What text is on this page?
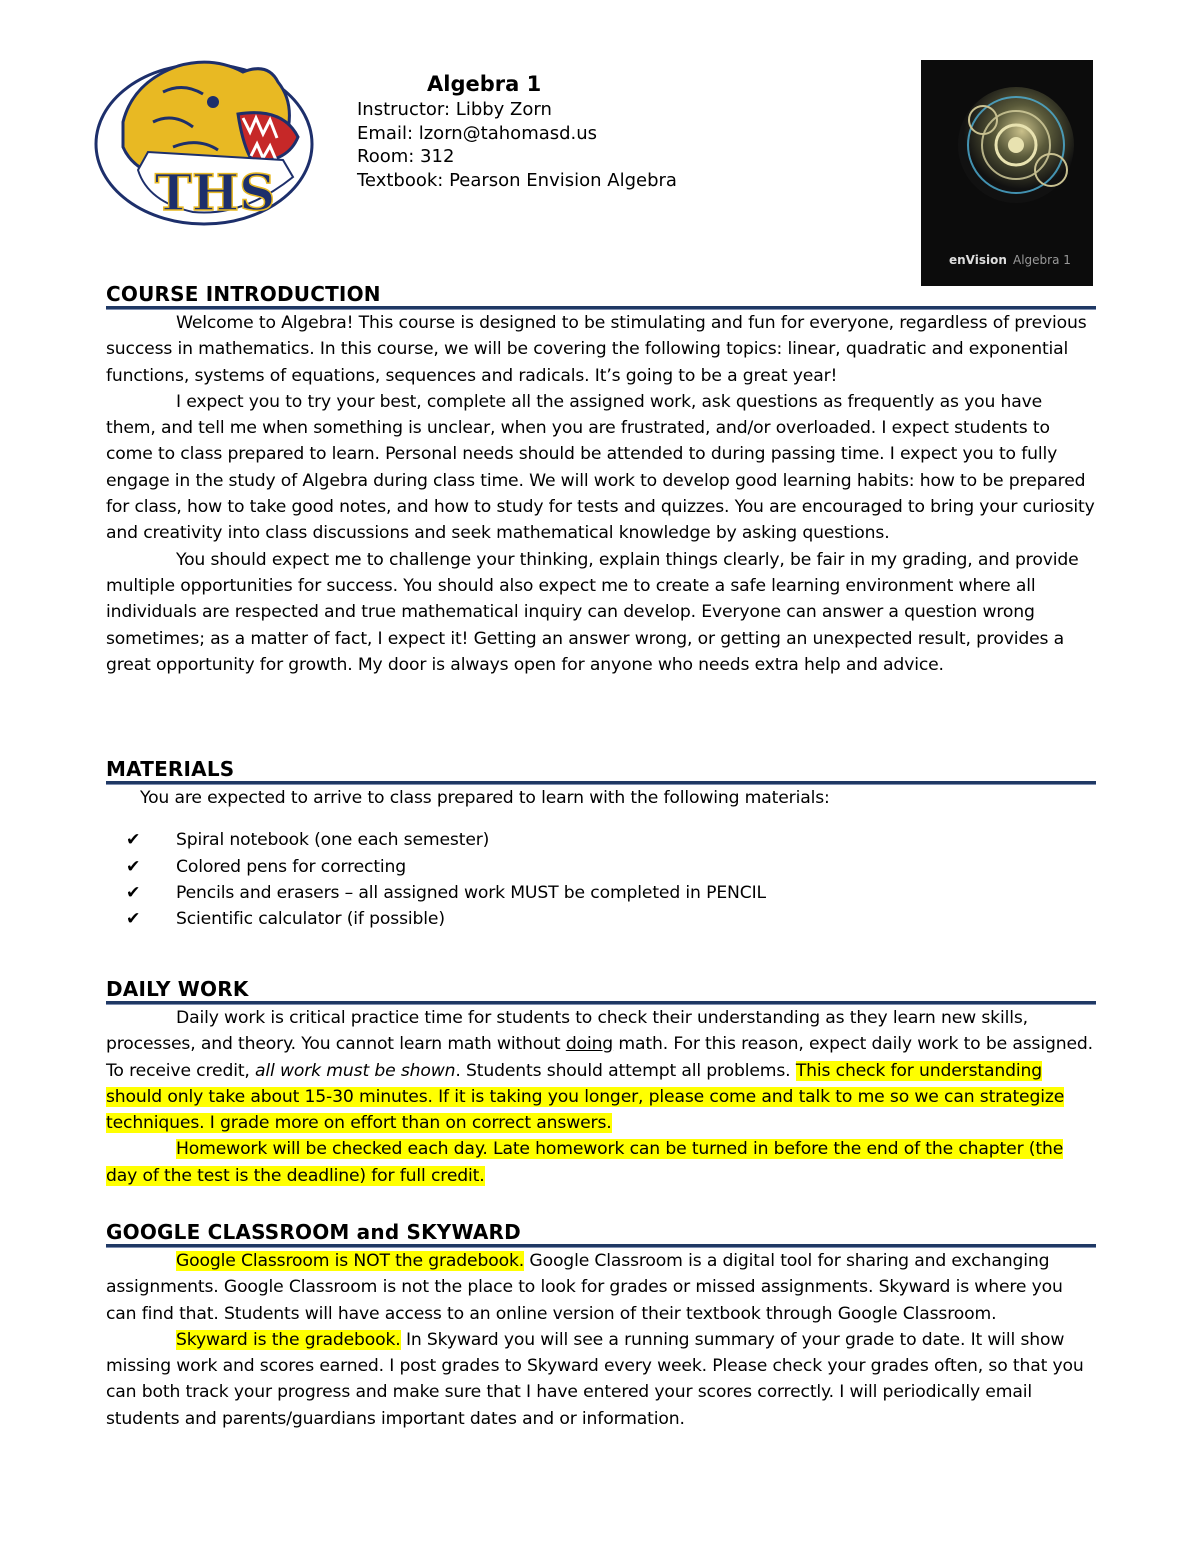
THS
Algebra 1
Instructor: Libby Zorn
Email: lzorn@tahomasd.us
Room: 312
Textbook: Pearson Envision Algebra
enVision Algebra 1
COURSE INTRODUCTION

Welcome to Algebra! This course is designed to be stimulating and fun for everyone, regardless of previous success in mathematics. In this course, we will be covering the following topics: linear, quadratic and exponential functions, systems of equations, sequences and radicals. It’s going to be a great year!

I expect you to try your best, complete all the assigned work, ask questions as frequently as you have them, and tell me when something is unclear, when you are frustrated, and/or overloaded. I expect students to come to class prepared to learn. Personal needs should be attended to during passing time. I expect you to fully engage in the study of Algebra during class time. We will work to develop good learning habits: how to be prepared for class, how to take good notes, and how to study for tests and quizzes. You are encouraged to bring your curiosity and creativity into class discussions and seek mathematical knowledge by asking questions.

You should expect me to challenge your thinking, explain things clearly, be fair in my grading, and provide multiple opportunities for success. You should also expect me to create a safe learning environment where all individuals are respected and true mathematical inquiry can develop. Everyone can answer a question wrong sometimes; as a matter of fact, I expect it! Getting an answer wrong, or getting an unexpected result, provides a great opportunity for growth. My door is always open for anyone who needs extra help and advice.

MATERIALS

You are expected to arrive to class prepared to learn with the following materials:

✔ Spiral notebook (one each semester)
✔ Colored pens for correcting
✔ Pencils and erasers – all assigned work MUST be completed in PENCIL
✔ Scientific calculator (if possible)
DAILY WORK

Daily work is critical practice time for students to check their understanding as they learn new skills, processes, and theory. You cannot learn math without doing math. For this reason, expect daily work to be assigned. To receive credit, all work must be shown. Students should attempt all problems. This check for understanding should only take about 15-30 minutes. If it is taking you longer, please come and talk to me so we can strategize techniques. I grade more on effort than on correct answers.

Homework will be checked each day. Late homework can be turned in before the end of the chapter (the day of the test is the deadline) for full credit.

GOOGLE CLASSROOM and SKYWARD

Google Classroom is NOT the gradebook. Google Classroom is a digital tool for sharing and exchanging assignments. Google Classroom is not the place to look for grades or missed assignments. Skyward is where you can find that. Students will have access to an online version of their textbook through Google Classroom.

Skyward is the gradebook. In Skyward you will see a running summary of your grade to date. It will show missing work and scores earned. I post grades to Skyward every week. Please check your grades often, so that you can both track your progress and make sure that I have entered your scores correctly. I will periodically email students and parents/guardians important dates and or information.
